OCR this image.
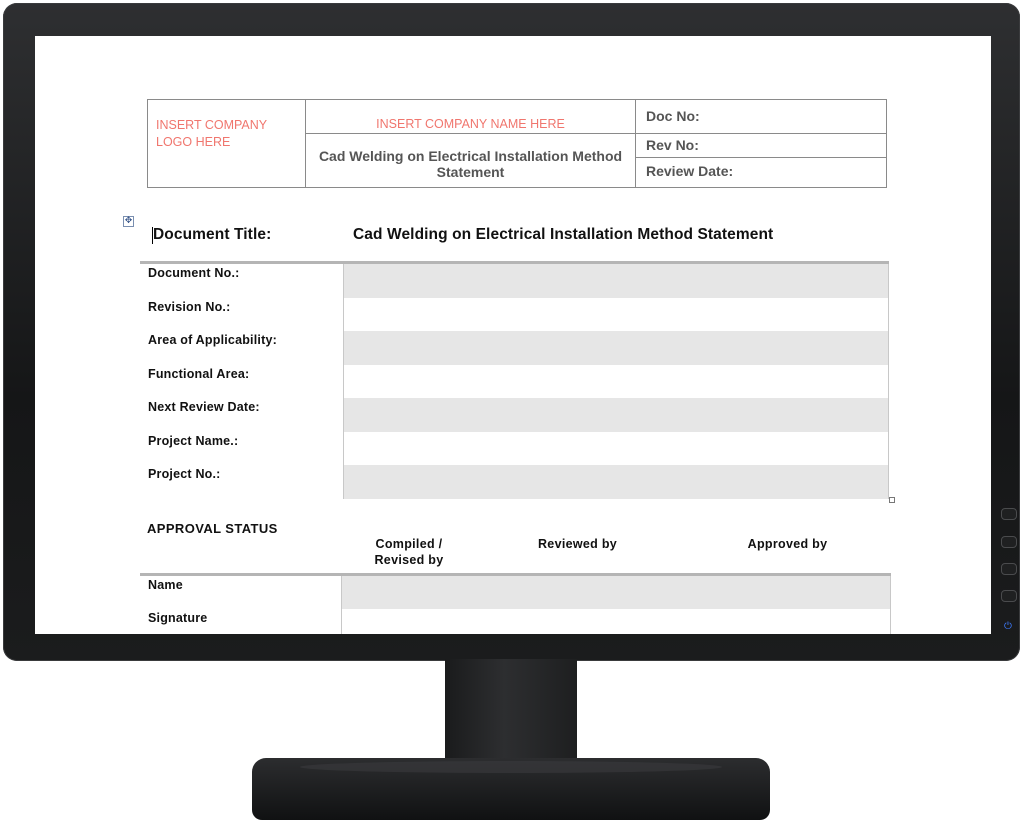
INSERT COMPANY LOGO HERE
INSERT COMPANY NAME HERE
Cad Welding on Electrical Installation Method Statement
Doc No:
Rev No:
Review Date:
✥
Document Title:	Cad Welding on Electrical Installation Method Statement
Document No.:
Revision No.:
Area of Applicability:
Functional Area:
Next Review Date:
Project Name.:
Project No.:
APPROVAL STATUS
Compiled / Revised by
Reviewed by	Approved by
Name
Signature
⏻
